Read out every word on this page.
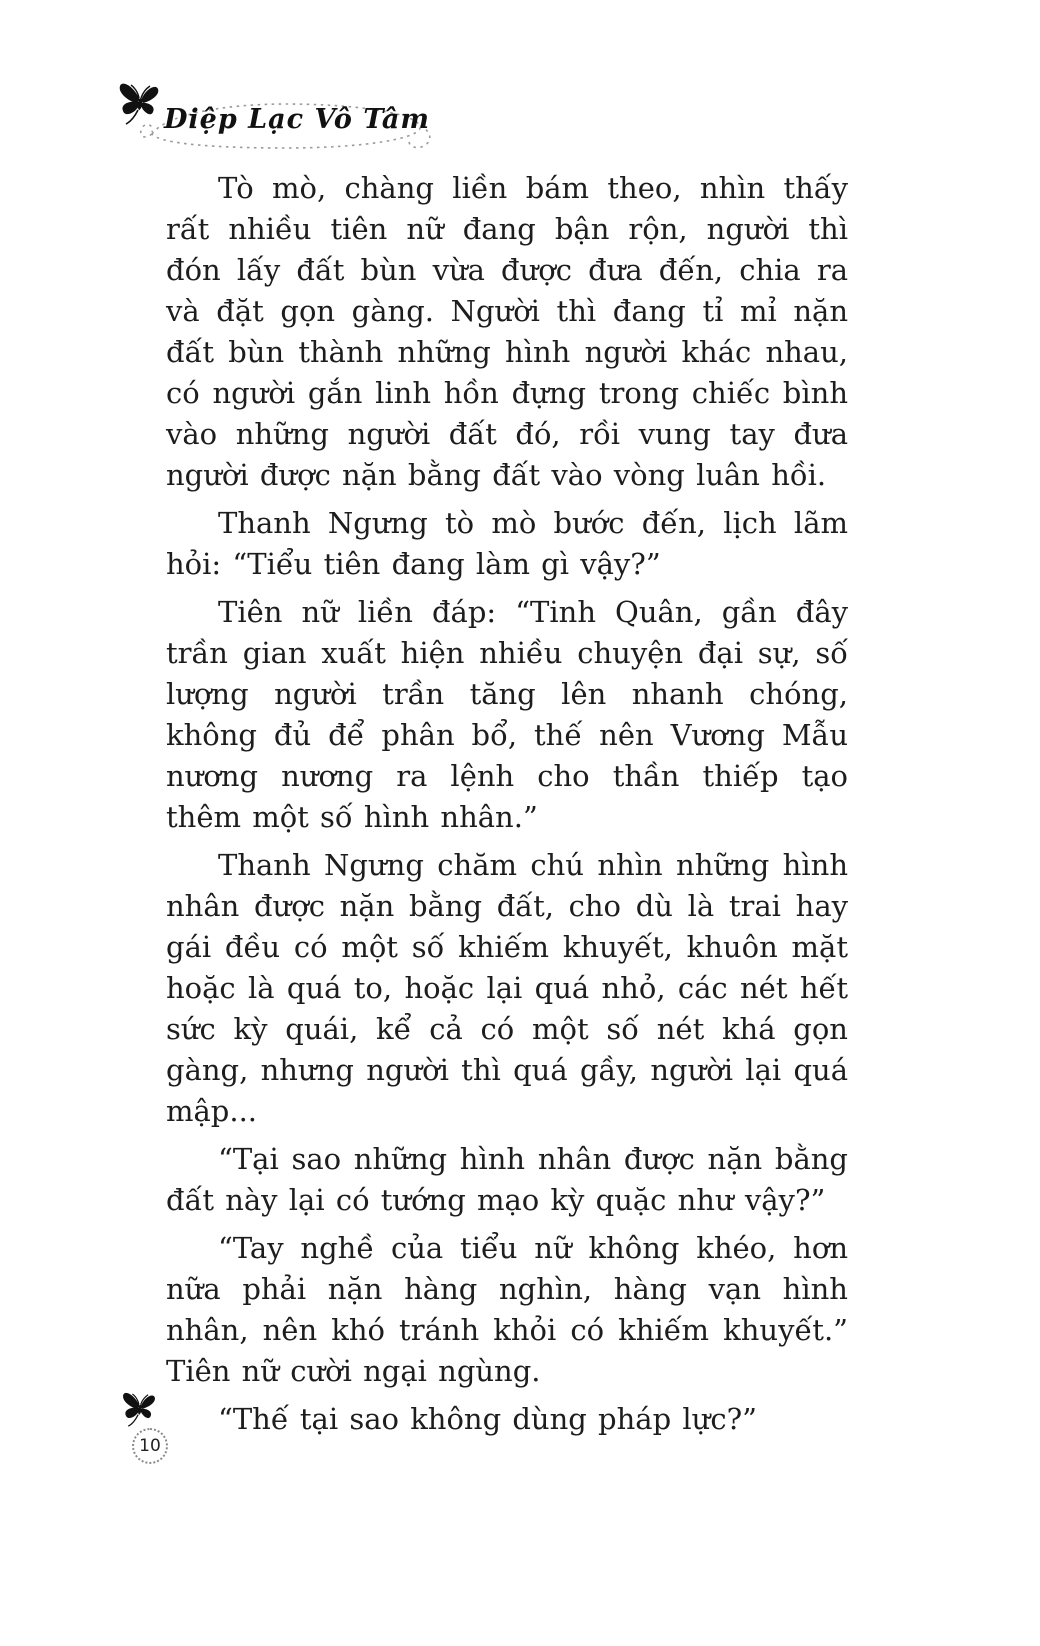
Diệp Lạc Vô Tâm

Tò mò, chàng liền bám theo, nhìn thấy rất nhiều tiên nữ đang bận rộn, người thì đón lấy đất bùn vừa được đưa đến, chia ra và đặt gọn gàng. Người thì đang tỉ mỉ nặn đất bùn thành những hình người khác nhau, có người gắn linh hồn đựng trong chiếc bình vào những người đất đó, rồi vung tay đưa người được nặn bằng đất vào vòng luân hồi.

Thanh Ngưng tò mò bước đến, lịch lãm hỏi: “Tiểu tiên đang làm gì vậy?”

Tiên nữ liền đáp: “Tinh Quân, gần đây trần gian xuất hiện nhiều chuyện đại sự, số lượng người trần tăng lên nhanh chóng, không đủ để phân bổ, thế nên Vương Mẫu nương nương ra lệnh cho thần thiếp tạo thêm một số hình nhân.”

Thanh Ngưng chăm chú nhìn những hình nhân được nặn bằng đất, cho dù là trai hay gái đều có một số khiếm khuyết, khuôn mặt hoặc là quá to, hoặc lại quá nhỏ, các nét hết sức kỳ quái, kể cả có một số nét khá gọn gàng, nhưng người thì quá gầy, người lại quá mập...

“Tại sao những hình nhân được nặn bằng đất này lại có tướng mạo kỳ quặc như vậy?”

“Tay nghề của tiểu nữ không khéo, hơn nữa phải nặn hàng nghìn, hàng vạn hình nhân, nên khó tránh khỏi có khiếm khuyết.” Tiên nữ cười ngại ngùng.

“Thế tại sao không dùng pháp lực?”

10
